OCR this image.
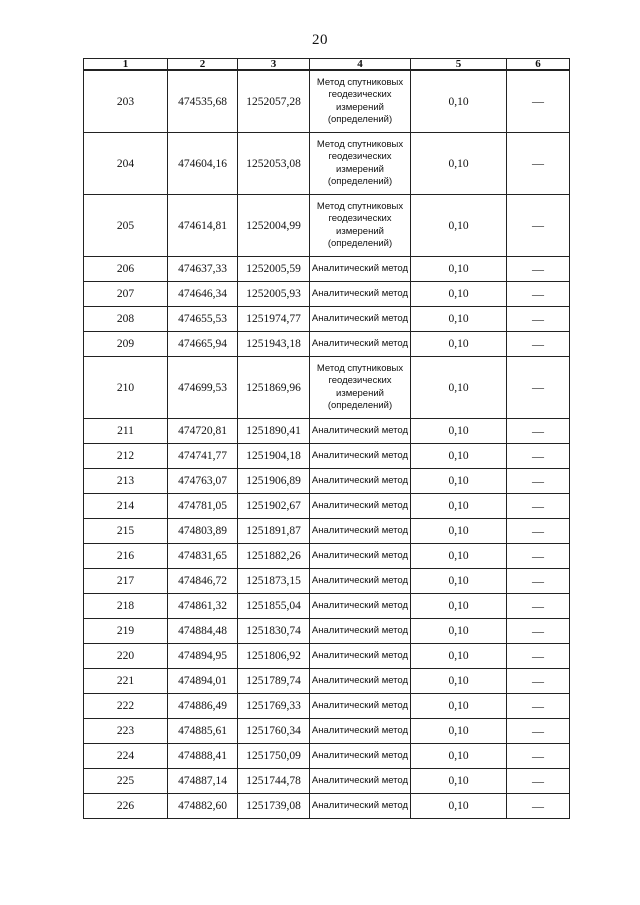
20
1	2	3	4	5	6
203	474535,68	1252057,28	Метод спутниковых геодезических измерений (определений)	0,10	—
204	474604,16	1252053,08	Метод спутниковых геодезических измерений (определений)	0,10	—
205	474614,81	1252004,99	Метод спутниковых геодезических измерений (определений)	0,10	—
206	474637,33	1252005,59	Аналитический метод	0,10	—
207	474646,34	1252005,93	Аналитический метод	0,10	—
208	474655,53	1251974,77	Аналитический метод	0,10	—
209	474665,94	1251943,18	Аналитический метод	0,10	—
210	474699,53	1251869,96	Метод спутниковых геодезических измерений (определений)	0,10	—
211	474720,81	1251890,41	Аналитический метод	0,10	—
212	474741,77	1251904,18	Аналитический метод	0,10	—
213	474763,07	1251906,89	Аналитический метод	0,10	—
214	474781,05	1251902,67	Аналитический метод	0,10	—
215	474803,89	1251891,87	Аналитический метод	0,10	—
216	474831,65	1251882,26	Аналитический метод	0,10	—
217	474846,72	1251873,15	Аналитический метод	0,10	—
218	474861,32	1251855,04	Аналитический метод	0,10	—
219	474884,48	1251830,74	Аналитический метод	0,10	—
220	474894,95	1251806,92	Аналитический метод	0,10	—
221	474894,01	1251789,74	Аналитический метод	0,10	—
222	474886,49	1251769,33	Аналитический метод	0,10	—
223	474885,61	1251760,34	Аналитический метод	0,10	—
224	474888,41	1251750,09	Аналитический метод	0,10	—
225	474887,14	1251744,78	Аналитический метод	0,10	—
226	474882,60	1251739,08	Аналитический метод	0,10	—
